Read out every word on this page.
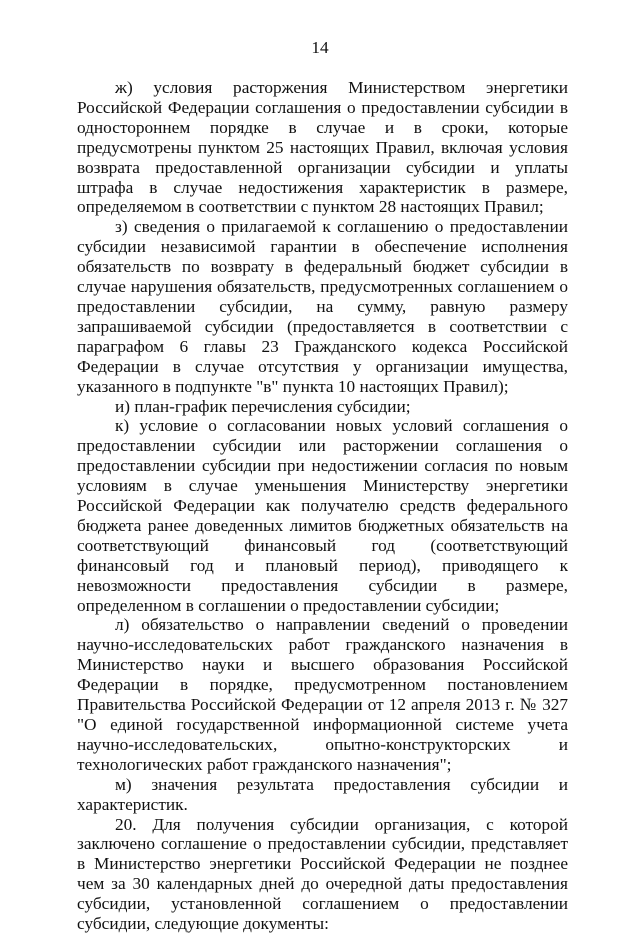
14

ж) условия расторжения Министерством энергетики Российской Федерации соглашения о предоставлении субсидии в одностороннем порядке в случае и в сроки, которые предусмотрены пунктом 25 настоящих Правил, включая условия возврата предоставленной организации субсидии и уплаты штрафа в случае недостижения характеристик в размере, определяемом в соответствии с пунктом 28 настоящих Правил;

з) сведения о прилагаемой к соглашению о предоставлении субсидии независимой гарантии в обеспечение исполнения обязательств по возврату в федеральный бюджет субсидии в случае нарушения обязательств, предусмотренных соглашением о предоставлении субсидии, на сумму, равную размеру запрашиваемой субсидии (предоставляется в соответствии с параграфом 6 главы 23 Гражданского кодекса Российской Федерации в случае отсутствия у организации имущества, указанного в подпункте "в" пункта 10 настоящих Правил);

и) план-график перечисления субсидии;

к) условие о согласовании новых условий соглашения о предоставлении субсидии или расторжении соглашения о предоставлении субсидии при недостижении согласия по новым условиям в случае уменьшения Министерству энергетики Российской Федерации как получателю средств федерального бюджета ранее доведенных лимитов бюджетных обязательств на соответствующий финансовый год (соответствующий финансовый год и плановый период), приводящего к невозможности предоставления субсидии в размере, определенном в соглашении о предоставлении субсидии;

л) обязательство о направлении сведений о проведении научно-исследовательских работ гражданского назначения в Министерство науки и высшего образования Российской Федерации в порядке, предусмотренном постановлением Правительства Российской Федерации от 12 апреля 2013 г. № 327 "О единой государственной информационной системе учета научно-исследовательских, опытно-конструкторских и технологических работ гражданского назначения";

м) значения результата предоставления субсидии и характеристик.

20. Для получения субсидии организация, с которой заключено соглашение о предоставлении субсидии, представляет в Министерство энергетики Российской Федерации не позднее чем за 30 календарных дней до очередной даты предоставления субсидии, установленной соглашением о предоставлении субсидии, следующие документы:
